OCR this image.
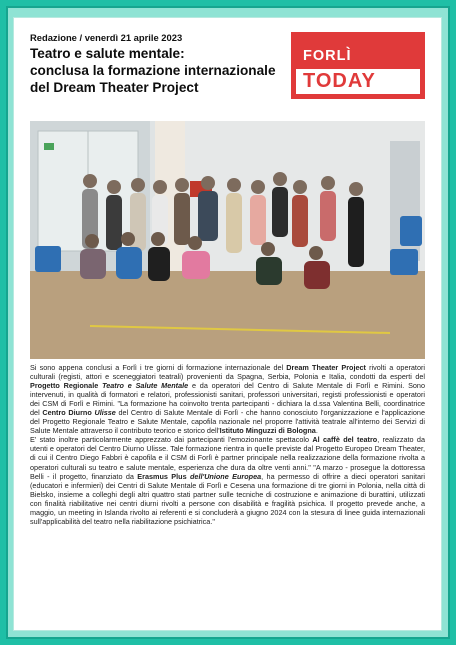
Redazione / venerdì 21 aprile 2023

Teatro e salute mentale:
conclusa la formazione internazionale
del Dream Theater Project
FORLÌ
TODAY

Si sono appena conclusi a Forlì i tre giorni di formazione internazionale del Dream Theater Project rivolti a operatori culturali (registi, attori e sceneggiatori teatrali) provenienti da Spagna, Serbia, Polonia e Italia, condotti da esperti del Progetto Regionale Teatro e Salute Mentale e da operatori del Centro di Salute Mentale di Forlì e Rimini. Sono intervenuti, in qualità di formatori e relatori, professionisti sanitari, professori universitari, registi professionisti e operatori dei CSM di Forlì e Rimini. "La formazione ha coinvolto trenta partecipanti - dichiara la d.ssa Valentina Belli, coordinatrice del Centro Diurno Ulisse del Centro di Salute Mentale di Forlì - che hanno conosciuto l'organizzazione e l'applicazione del Progetto Regionale Teatro e Salute Mentale, capofila nazionale nel proporre l'attività teatrale all'interno dei Servizi di Salute Mentale attraverso il contributo teorico e storico dell'Istituto Minguzzi di Bologna.

E' stato inoltre particolarmente apprezzato dai partecipanti l'emozionante spettacolo Al caffè del teatro, realizzato da utenti e operatori del Centro Diurno Ulisse. Tale formazione rientra in quelle previste dal Progetto Europeo Dream Theater, di cui il Centro Diego Fabbri è capofila e il CSM di Forlì è partner principale nella realizzazione della formazione rivolta a operatori culturali su teatro e salute mentale, esperienza che dura da oltre venti anni." "A marzo - prosegue la dottoressa Belli - il progetto, finanziato da Erasmus Plus dell'Unione Europea, ha permesso di offrire a dieci operatori sanitari (educatori e infermieri) dei Centri di Salute Mentale di Forlì e Cesena una formazione di tre giorni in Polonia, nella città di Bielsko, insieme a colleghi degli altri quattro stati partner sulle tecniche di costruzione e animazione di burattini, utilizzati con finalità riabilitative nei centri diurni rivolti a persone con disabilità e fragilità psichica. Il progetto prevede anche, a maggio, un meeting in Islanda rivolto ai referenti e si concluderà a giugno 2024 con la stesura di linee guida internazionali sull'applicabilità del teatro nella riabilitazione psichiatrica."
